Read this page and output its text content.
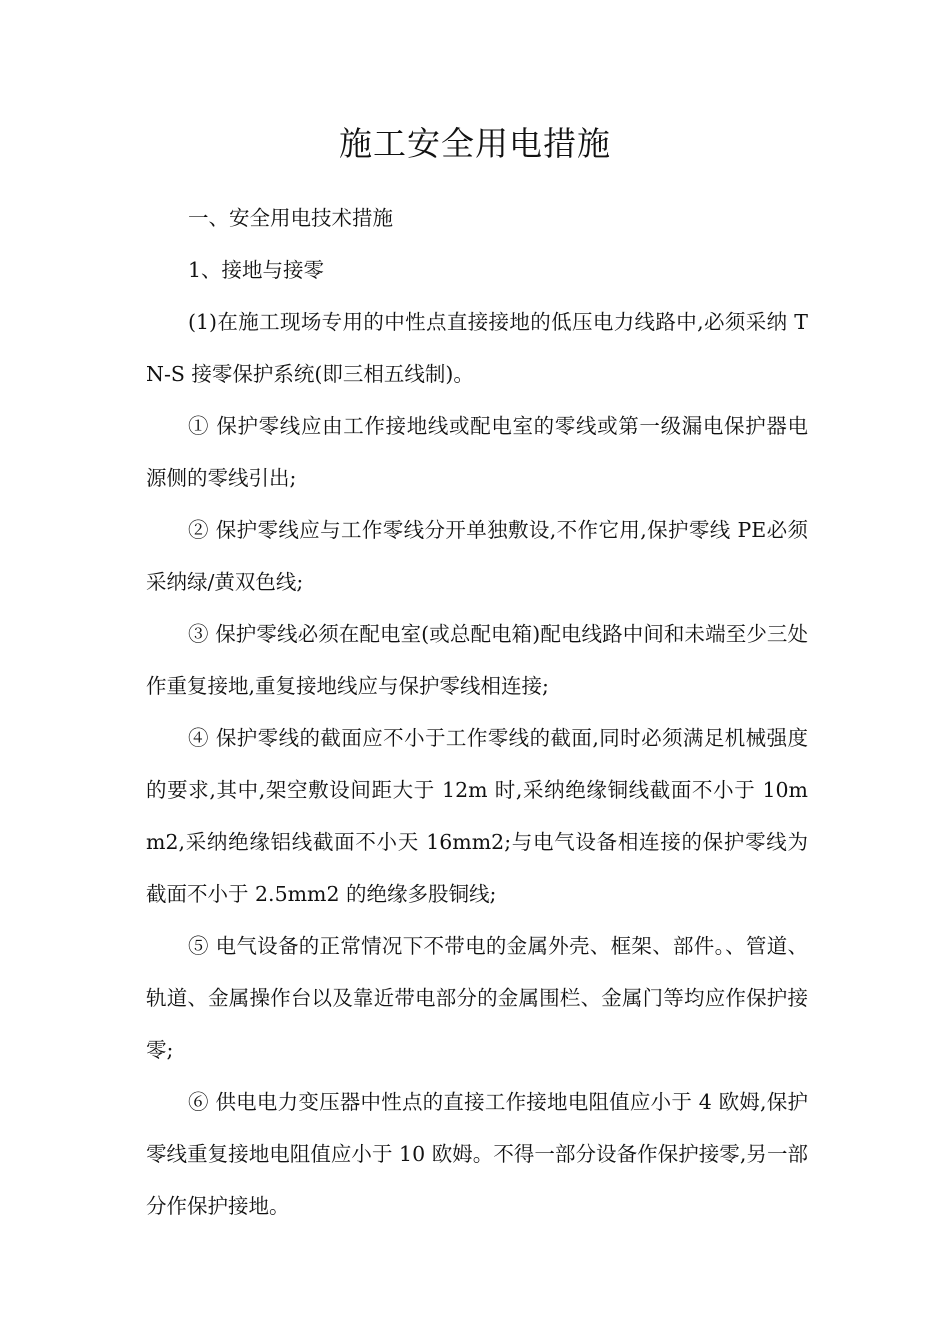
施工安全用电措施

一、安全用电技术措施

1、接地与接零

(1)在施工现场专用的中性点直接接地的低压电力线路中,必须采纳 TN-S 接零保护系统(即三相五线制)。

① 保护零线应由工作接地线或配电室的零线或第一级漏电保护器电源侧的零线引出;

② 保护零线应与工作零线分开单独敷设,不作它用,保护零线 PE必须采纳绿/黄双色线;

③ 保护零线必须在配电室(或总配电箱)配电线路中间和未端至少三处作重复接地,重复接地线应与保护零线相连接;

④ 保护零线的截面应不小于工作零线的截面,同时必须满足机械强度的要求,其中,架空敷设间距大于 12m 时,采纳绝缘铜线截面不小于 10mm2,采纳绝缘铝线截面不小天 16mm2;与电气设备相连接的保护零线为截面不小于 2.5mm2 的绝缘多股铜线;

⑤ 电气设备的正常情况下不带电的金属外壳、框架、部件。、管道、轨道、金属操作台以及靠近带电部分的金属围栏、金属门等均应作保护接零;

⑥ 供电电力变压器中性点的直接工作接地电阻值应小于 4 欧姆,保护零线重复接地电阻值应小于 10 欧姆。不得一部分设备作保护接零,另一部分作保护接地。
